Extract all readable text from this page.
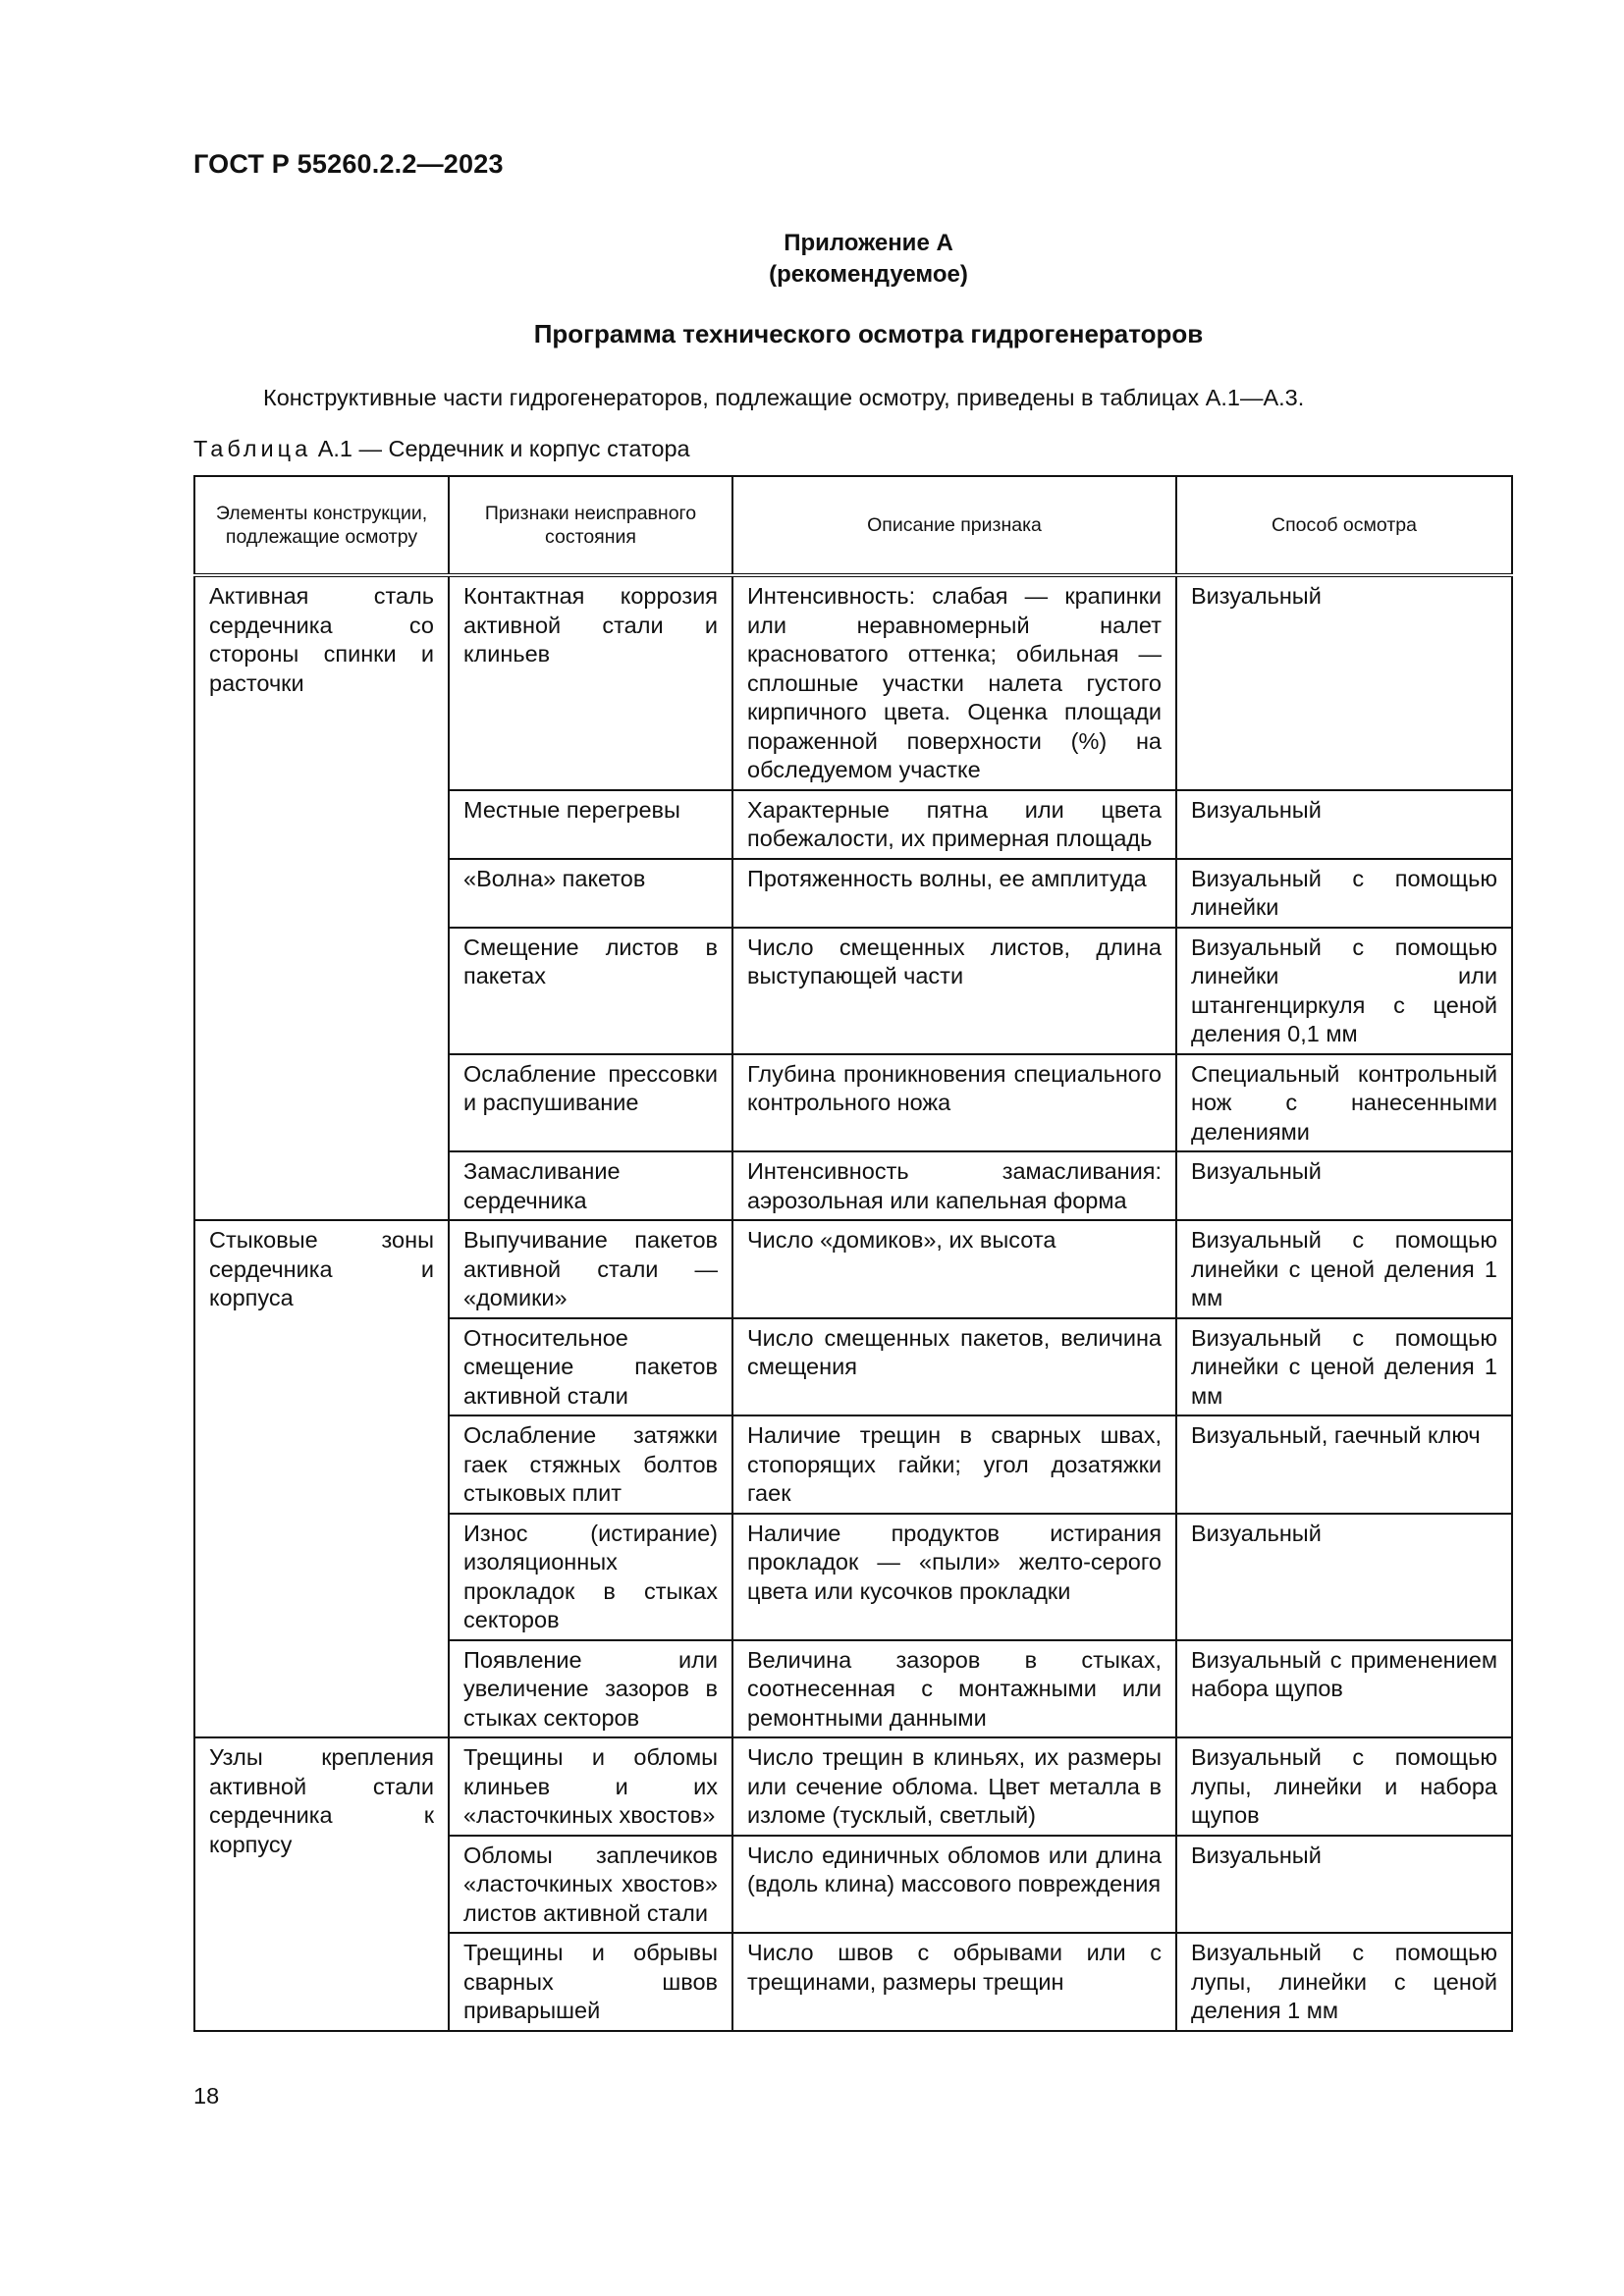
ГОСТ Р 55260.2.2—2023
Приложение А
(рекомендуемое)
Программа технического осмотра гидрогенераторов
Конструктивные части гидрогенераторов, подлежащие осмотру, приведены в таблицах А.1—А.3.
Таблица А.1 — Сердечник и корпус статора
Элементы конструкции, подлежащие осмотру	Признаки неисправного состояния	Описание признака	Способ осмотра
Активная сталь сердечника со стороны спинки и расточки	Контактная коррозия активной стали и клиньев	Интенсивность: слабая — крапинки или неравномерный налет красноватого оттенка; обильная — сплошные участки налета густого кирпичного цвета. Оценка площади пораженной поверхности (%) на обследуемом участке	Визуальный
	Местные перегревы	Характерные пятна или цвета побежалости, их примерная площадь	Визуальный
	«Волна» пакетов	Протяженность волны, ее амплитуда	Визуальный с помощью линейки
	Смещение листов в пакетах	Число смещенных листов, длина выступающей части	Визуальный с помощью линейки или штангенциркуля с ценой деления 0,1 мм
	Ослабление прессовки и распушивание	Глубина проникновения специального контрольного ножа	Специальный контрольный нож с нанесенными делениями
	Замасливание сердечника	Интенсивность замасливания: аэрозольная или капельная форма	Визуальный
Стыковые зоны сердечника и корпуса	Выпучивание пакетов активной стали — «домики»	Число «домиков», их высота	Визуальный с помощью линейки с ценой деления 1 мм
	Относительное смещение пакетов активной стали	Число смещенных пакетов, величина смещения	Визуальный с помощью линейки с ценой деления 1 мм
	Ослабление затяжки гаек стяжных болтов стыковых плит	Наличие трещин в сварных швах, стопорящих гайки; угол дозатяжки гаек	Визуальный, гаечный ключ
	Износ (истирание) изоляционных прокладок в стыках секторов	Наличие продуктов истирания прокладок — «пыли» желто-серого цвета или кусочков прокладки	Визуальный
	Появление или увеличение зазоров в стыках секторов	Величина зазоров в стыках, соотнесенная с монтажными или ремонтными данными	Визуальный с применением набора щупов
Узлы крепления активной стали сердечника к корпусу	Трещины и обломы клиньев и их «ласточкиных хвостов»	Число трещин в клиньях, их размеры или сечение облома. Цвет металла в изломе (тусклый, светлый)	Визуальный с помощью лупы, линейки и набора щупов
	Обломы заплечиков «ласточкиных хвостов» листов активной стали	Число единичных обломов или длина (вдоль клина) массового повреждения	Визуальный
	Трещины и обрывы сварных швов приварышей	Число швов с обрывами или с трещинами, размеры трещин	Визуальный с помощью лупы, линейки с ценой деления 1 мм
18
